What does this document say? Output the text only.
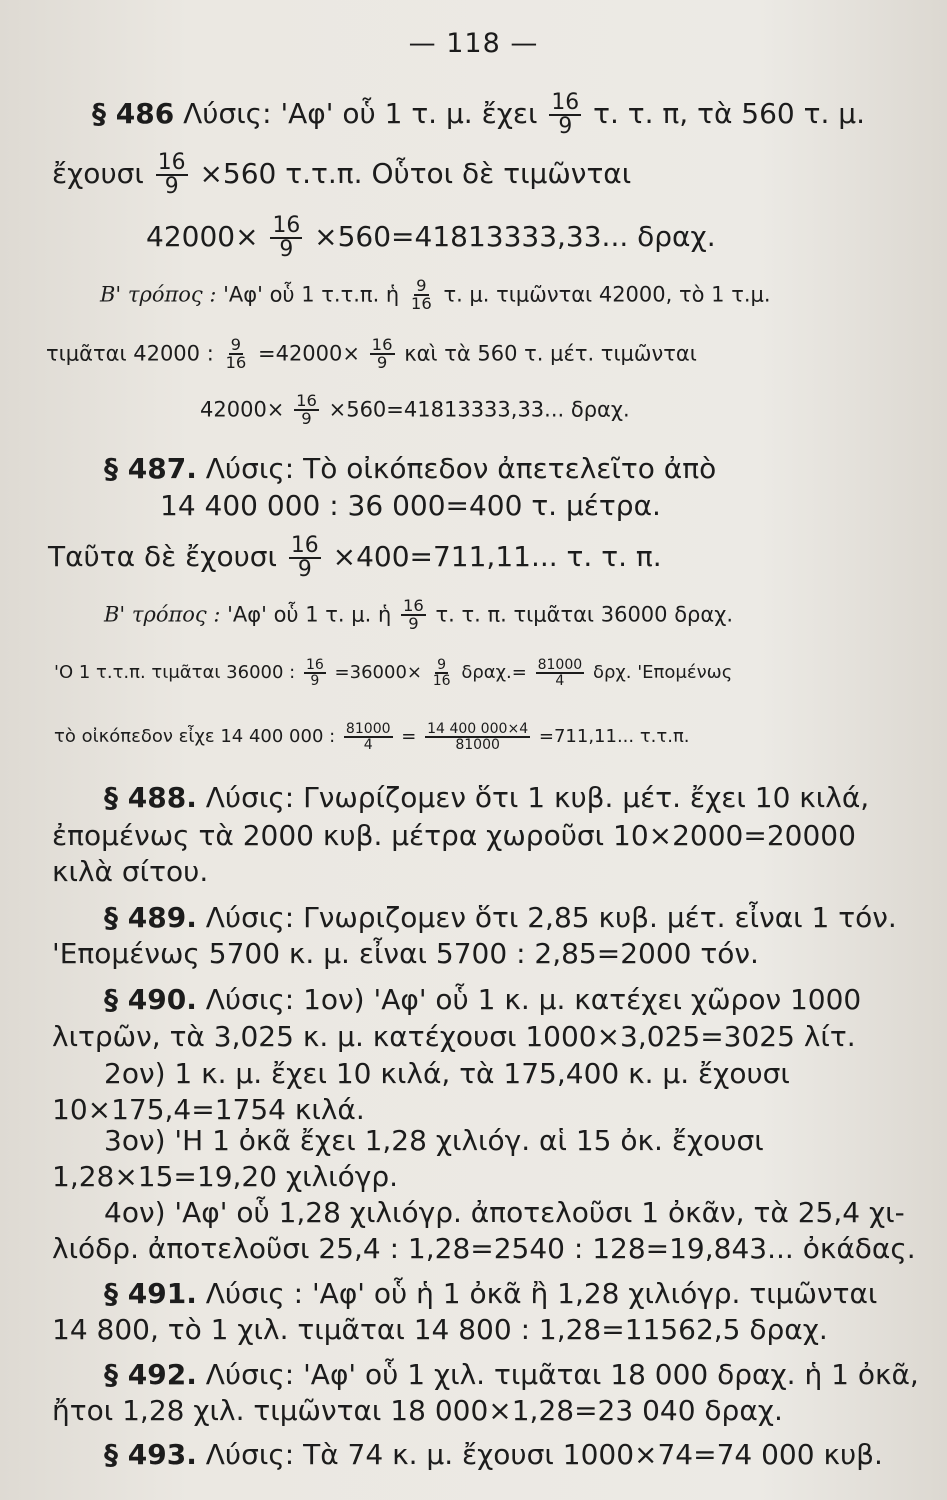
— 118 —
§ 486 Λύσις: 'Αφ' οὗ 1 τ. μ. ἔχει $\frac{16}{9} \tau$. τ. π, τὰ 560 τ. μ.
ἔχουσι $\frac{16}{9} \times 560$ τ.τ.π. Οὗτοι δὲ τιμῶνται
$42000\times \frac{16}{9} \times 560=41813333,33$... δραχ.
Β' τρόπος : 'Αφ' οὗ 1 τ.τ.π. ἡ $\frac{9}{16} \tau$. μ. τιμῶνται 42000, τὸ 1 τ.μ.
τιμᾶται 42000 : $\frac{9}{16} =42000\times \frac{16}{9}$ καὶ τὰ 560 τ. μέτ. τιμῶνται
$42000\times \frac{16}{9} \times 560=41813333,33$... δραχ.
§ 487. Λύσις: Τὸ οἰκόπεδον ἀπετελεῖτο ἀπὸ
14 400 000 : 36 000=400 τ. μέτρα.
Ταῦτα δὲ ἔχουσι $\frac{16}{9} \times 400=711,11$... τ. τ. π.
Β' τρόπος : 'Αφ' οὗ 1 τ. μ. ἡ $\frac{16}{9} \tau$. τ. π. τιμᾶται 36000 δραχ.
'Ο 1 τ.τ.π. τιμᾶται 36000 : $\frac{16}{9} =36000\times \frac{9}{16} \delta\rho\alpha\chi.= \frac{81000}{4} \delta\rho\chi$. 'Επομένως
τὸ οἰκόπεδον εἶχε 14 400 000 : $\frac{81000}{4} = \frac{14 400 000\times 4}{81000} =711,11$... τ.τ.π.
§ 488. Λύσις: Γνωρίζομεν ὅτι 1 κυβ. μέτ. ἔχει 10 κιλά,
ἐπομένως τὰ 2000 κυβ. μέτρα χωροῦσι 10×2000=20000
κιλὰ σίτου.
§ 489. Λύσις: Γνωριζομεν ὅτι 2,85 κυβ. μέτ. εἶναι 1 τόν.
'Επομένως 5700 κ. μ. εἶναι 5700 : 2,85=2000 τόν.
§ 490. Λύσις: 1ον) 'Αφ' οὗ 1 κ. μ. κατέχει χῶρον 1000
λιτρῶν, τὰ 3,025 κ. μ. κατέχουσι 1000×3,025=3025 λίτ.
2ον) 1 κ. μ. ἔχει 10 κιλά, τὰ 175,400 κ. μ. ἔχουσι
10×175,4=1754 κιλά.
3ον) 'Η 1 ὀκᾶ ἔχει 1,28 χιλιόγ. αἱ 15 ὀκ. ἔχουσι
1,28×15=19,20 χιλιόγρ.
4ον) 'Αφ' οὗ 1,28 χιλιόγρ. ἀποτελοῦσι 1 ὀκᾶν, τὰ 25,4 χι-
λιόδρ. ἀποτελοῦσι 25,4 : 1,28=2540 : 128=19,843... ὀκάδας.
§ 491. Λύσις : 'Αφ' οὗ ἡ 1 ὀκᾶ ἢ 1,28 χιλιόγρ. τιμῶνται
14 800, τὸ 1 χιλ. τιμᾶται 14 800 : 1,28=11562,5 δραχ.
§ 492. Λύσις: 'Αφ' οὗ 1 χιλ. τιμᾶται 18 000 δραχ. ἡ 1 ὀκᾶ,
ἤτοι 1,28 χιλ. τιμῶνται 18 000×1,28=23 040 δραχ.
§ 493. Λύσις: Τὰ 74 κ. μ. ἔχουσι 1000×74=74 000 κυβ.
